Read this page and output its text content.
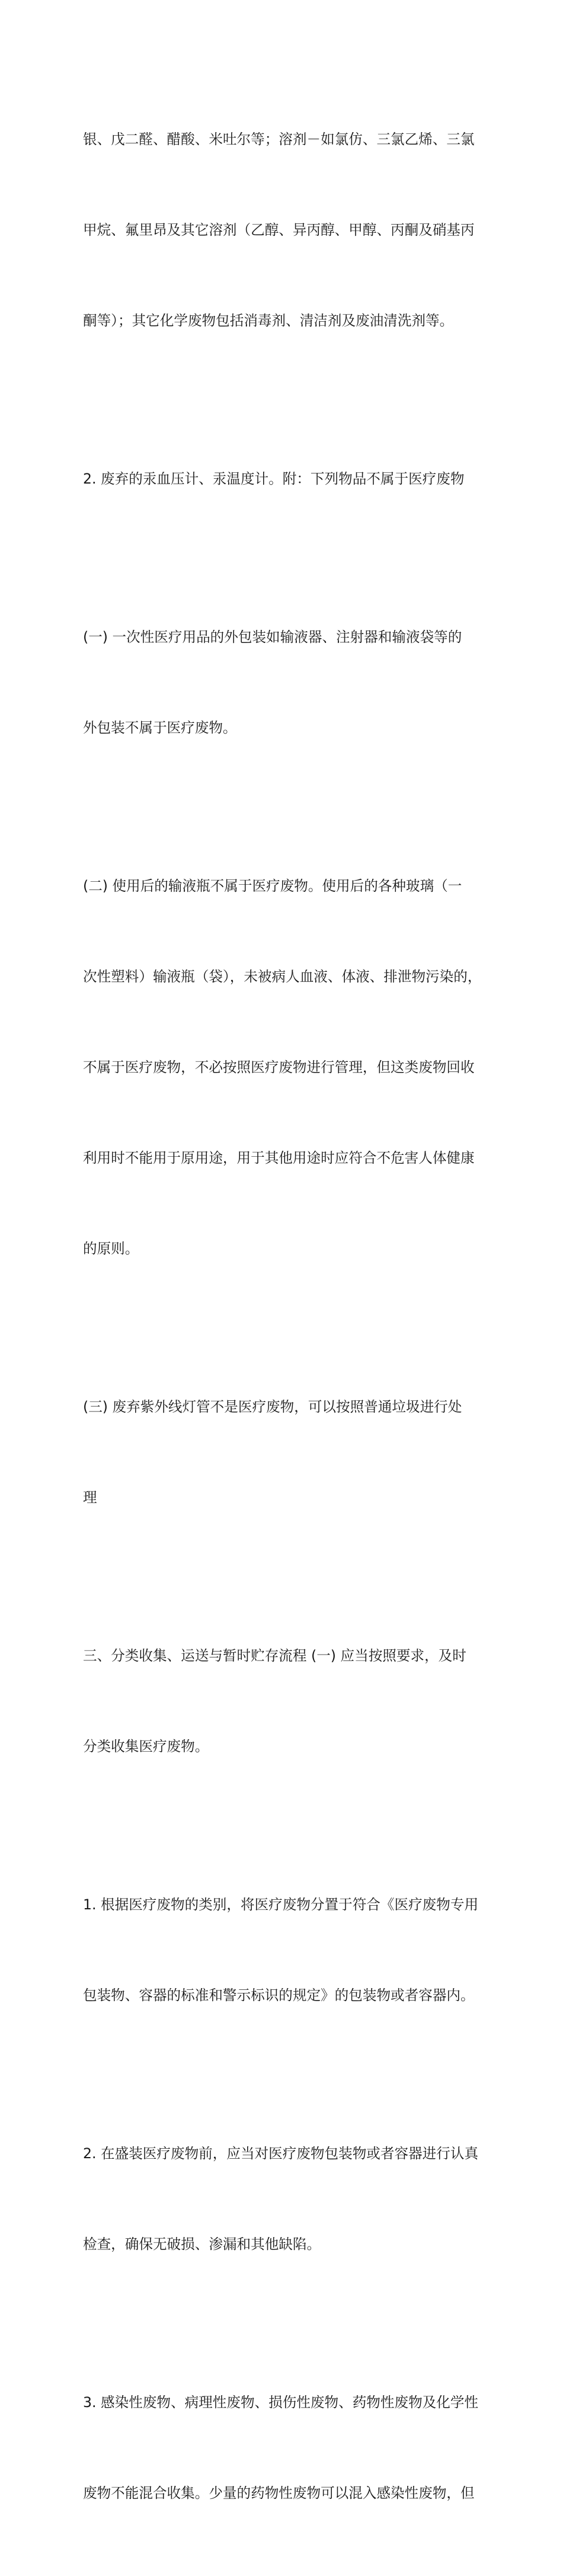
银、戊二醛、醋酸、米吐尔等；溶剂－如氯仿、三氯乙烯、三氯

甲烷、氟里昂及其它溶剂（乙醇、异丙醇、甲醇、丙酮及硝基丙

酮等）；其它化学废物包括消毒剂、清洁剂及废油清洗剂等。

2. 废弃的汞血压计、汞温度计。附：下列物品不属于医疗废物

(一) 一次性医疗用品的外包装如输液器、注射器和输液袋等的

外包装不属于医疗废物。

(二) 使用后的输液瓶不属于医疗废物。使用后的各种玻璃（一

次性塑料）输液瓶（袋），未被病人血液、体液、排泄物污染的，

不属于医疗废物，不必按照医疗废物进行管理，但这类废物回收

利用时不能用于原用途，用于其他用途时应符合不危害人体健康

的原则。

(三) 废弃紫外线灯管不是医疗废物，可以按照普通垃圾进行处

理

三、分类收集、运送与暂时贮存流程 (一) 应当按照要求，及时

分类收集医疗废物。

1. 根据医疗废物的类别，将医疗废物分置于符合《医疗废物专用

包装物、容器的标准和警示标识的规定》的包装物或者容器内。

2. 在盛装医疗废物前，应当对医疗废物包装物或者容器进行认真

检查，确保无破损、渗漏和其他缺陷。

3. 感染性废物、病理性废物、损伤性废物、药物性废物及化学性

废物不能混合收集。少量的药物性废物可以混入感染性废物，但
